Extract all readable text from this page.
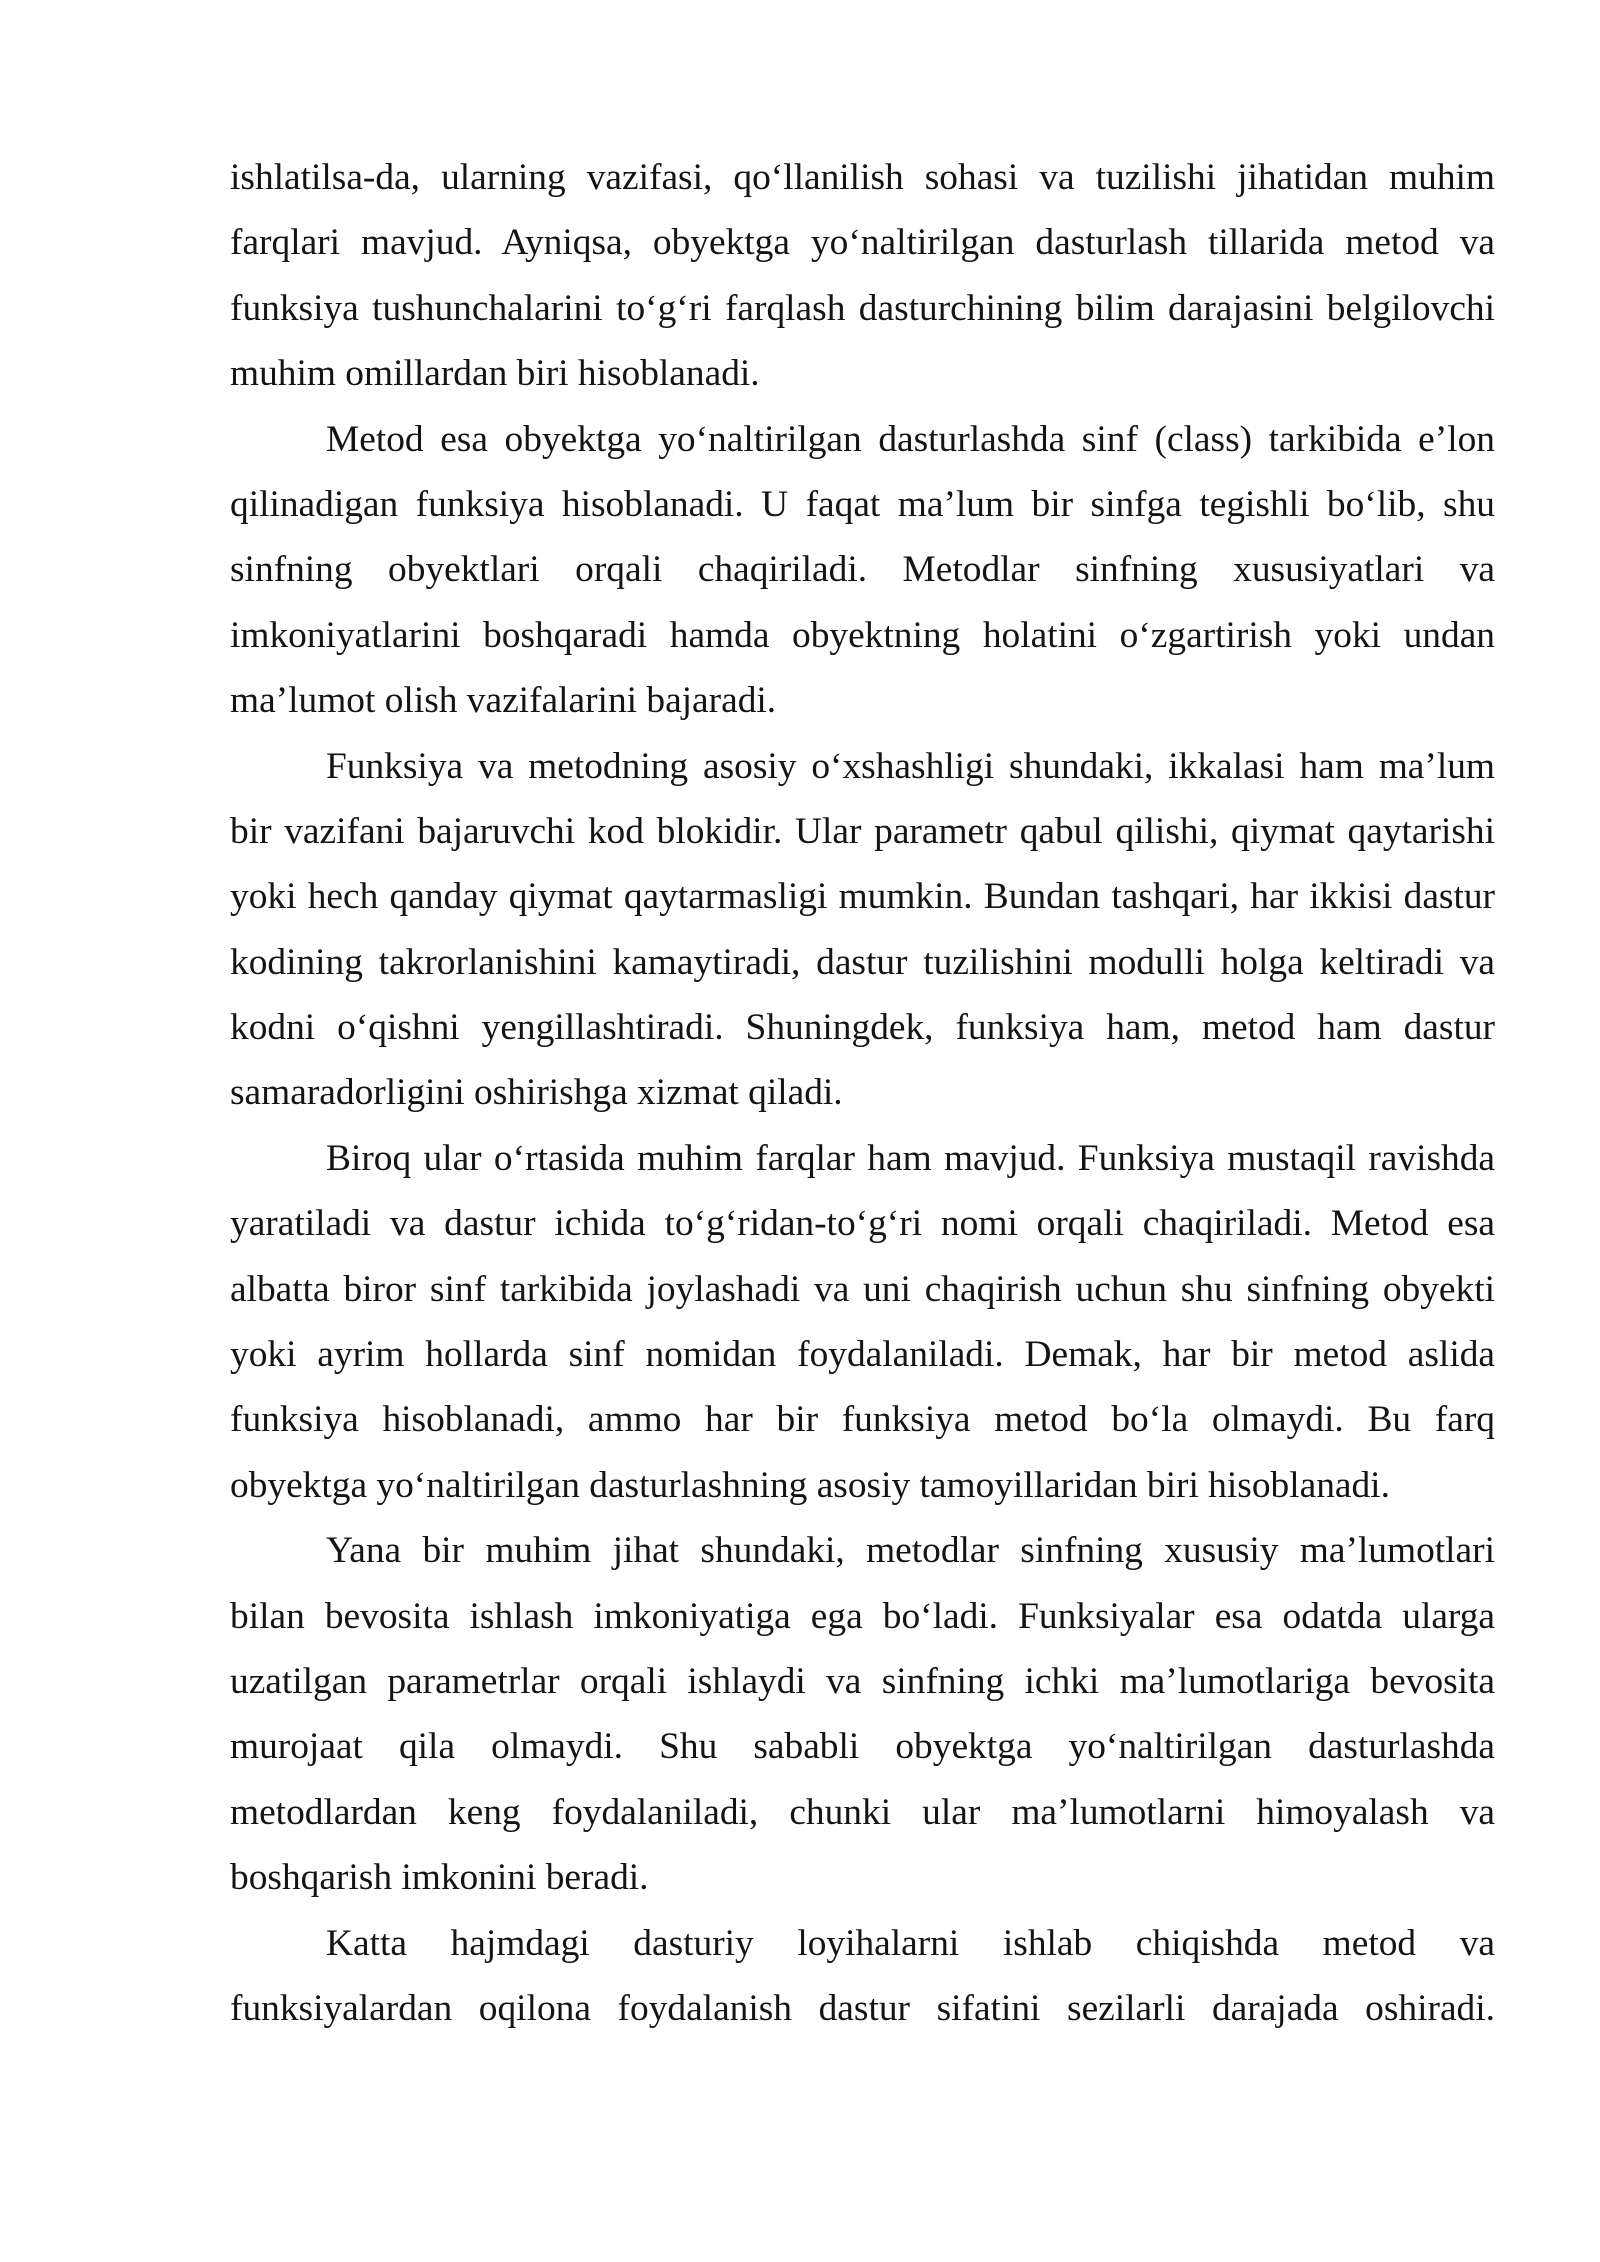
ishlatilsa-da, ularning vazifasi, qo‘llanilish sohasi va tuzilishi jihatidan muhim
farqlari mavjud. Ayniqsa, obyektga yo‘naltirilgan dasturlash tillarida metod va
funksiya tushunchalarini to‘g‘ri farqlash dasturchining bilim darajasini belgilovchi
muhim omillardan biri hisoblanadi.
Metod esa obyektga yo‘naltirilgan dasturlashda sinf (class) tarkibida e’lon
qilinadigan funksiya hisoblanadi. U faqat ma’lum bir sinfga tegishli bo‘lib, shu
sinfning obyektlari orqali chaqiriladi. Metodlar sinfning xususiyatlari va
imkoniyatlarini boshqaradi hamda obyektning holatini o‘zgartirish yoki undan
ma’lumot olish vazifalarini bajaradi.
Funksiya va metodning asosiy o‘xshashligi shundaki, ikkalasi ham ma’lum
bir vazifani bajaruvchi kod blokidir. Ular parametr qabul qilishi, qiymat qaytarishi
yoki hech qanday qiymat qaytarmasligi mumkin. Bundan tashqari, har ikkisi dastur
kodining takrorlanishini kamaytiradi, dastur tuzilishini modulli holga keltiradi va
kodni o‘qishni yengillashtiradi. Shuningdek, funksiya ham, metod ham dastur
samaradorligini oshirishga xizmat qiladi.
Biroq ular o‘rtasida muhim farqlar ham mavjud. Funksiya mustaqil ravishda
yaratiladi va dastur ichida to‘g‘ridan-to‘g‘ri nomi orqali chaqiriladi. Metod esa
albatta biror sinf tarkibida joylashadi va uni chaqirish uchun shu sinfning obyekti
yoki ayrim hollarda sinf nomidan foydalaniladi. Demak, har bir metod aslida
funksiya hisoblanadi, ammo har bir funksiya metod bo‘la olmaydi. Bu farq
obyektga yo‘naltirilgan dasturlashning asosiy tamoyillaridan biri hisoblanadi.
Yana bir muhim jihat shundaki, metodlar sinfning xususiy ma’lumotlari
bilan bevosita ishlash imkoniyatiga ega bo‘ladi. Funksiyalar esa odatda ularga
uzatilgan parametrlar orqali ishlaydi va sinfning ichki ma’lumotlariga bevosita
murojaat qila olmaydi. Shu sababli obyektga yo‘naltirilgan dasturlashda
metodlardan keng foydalaniladi, chunki ular ma’lumotlarni himoyalash va
boshqarish imkonini beradi.
Katta hajmdagi dasturiy loyihalarni ishlab chiqishda metod va
funksiyalardan oqilona foydalanish dastur sifatini sezilarli darajada oshiradi.
